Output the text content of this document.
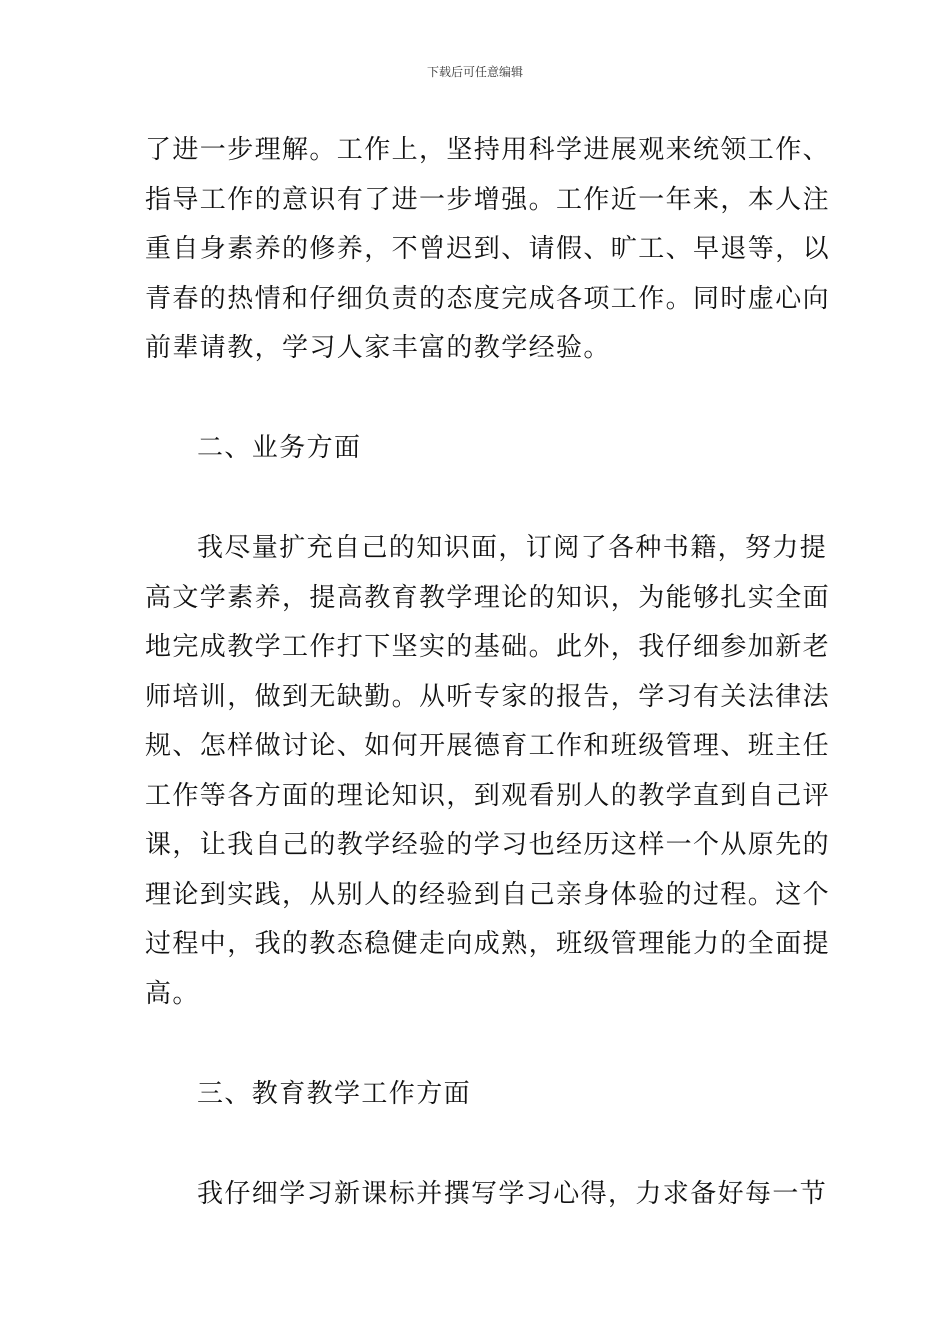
下载后可任意编辑
了进一步理解。工作上，坚持用科学进展观来统领工作、
指导工作的意识有了进一步增强。工作近一年来，本人注
重自身素养的修养，不曾迟到、请假、旷工、早退等，以
青春的热情和仔细负责的态度完成各项工作。同时虚心向
前辈请教，学习人家丰富的教学经验。
二、业务方面
我尽量扩充自己的知识面，订阅了各种书籍，努力提
高文学素养，提高教育教学理论的知识，为能够扎实全面
地完成教学工作打下坚实的基础。此外，我仔细参加新老
师培训，做到无缺勤。从听专家的报告，学习有关法律法
规、怎样做讨论、如何开展德育工作和班级管理、班主任
工作等各方面的理论知识，到观看别人的教学直到自己评
课，让我自己的教学经验的学习也经历这样一个从原先的
理论到实践，从别人的经验到自己亲身体验的过程。这个
过程中，我的教态稳健走向成熟，班级管理能力的全面提
高。
三、教育教学工作方面
我仔细学习新课标并撰写学习心得，力求备好每一节
